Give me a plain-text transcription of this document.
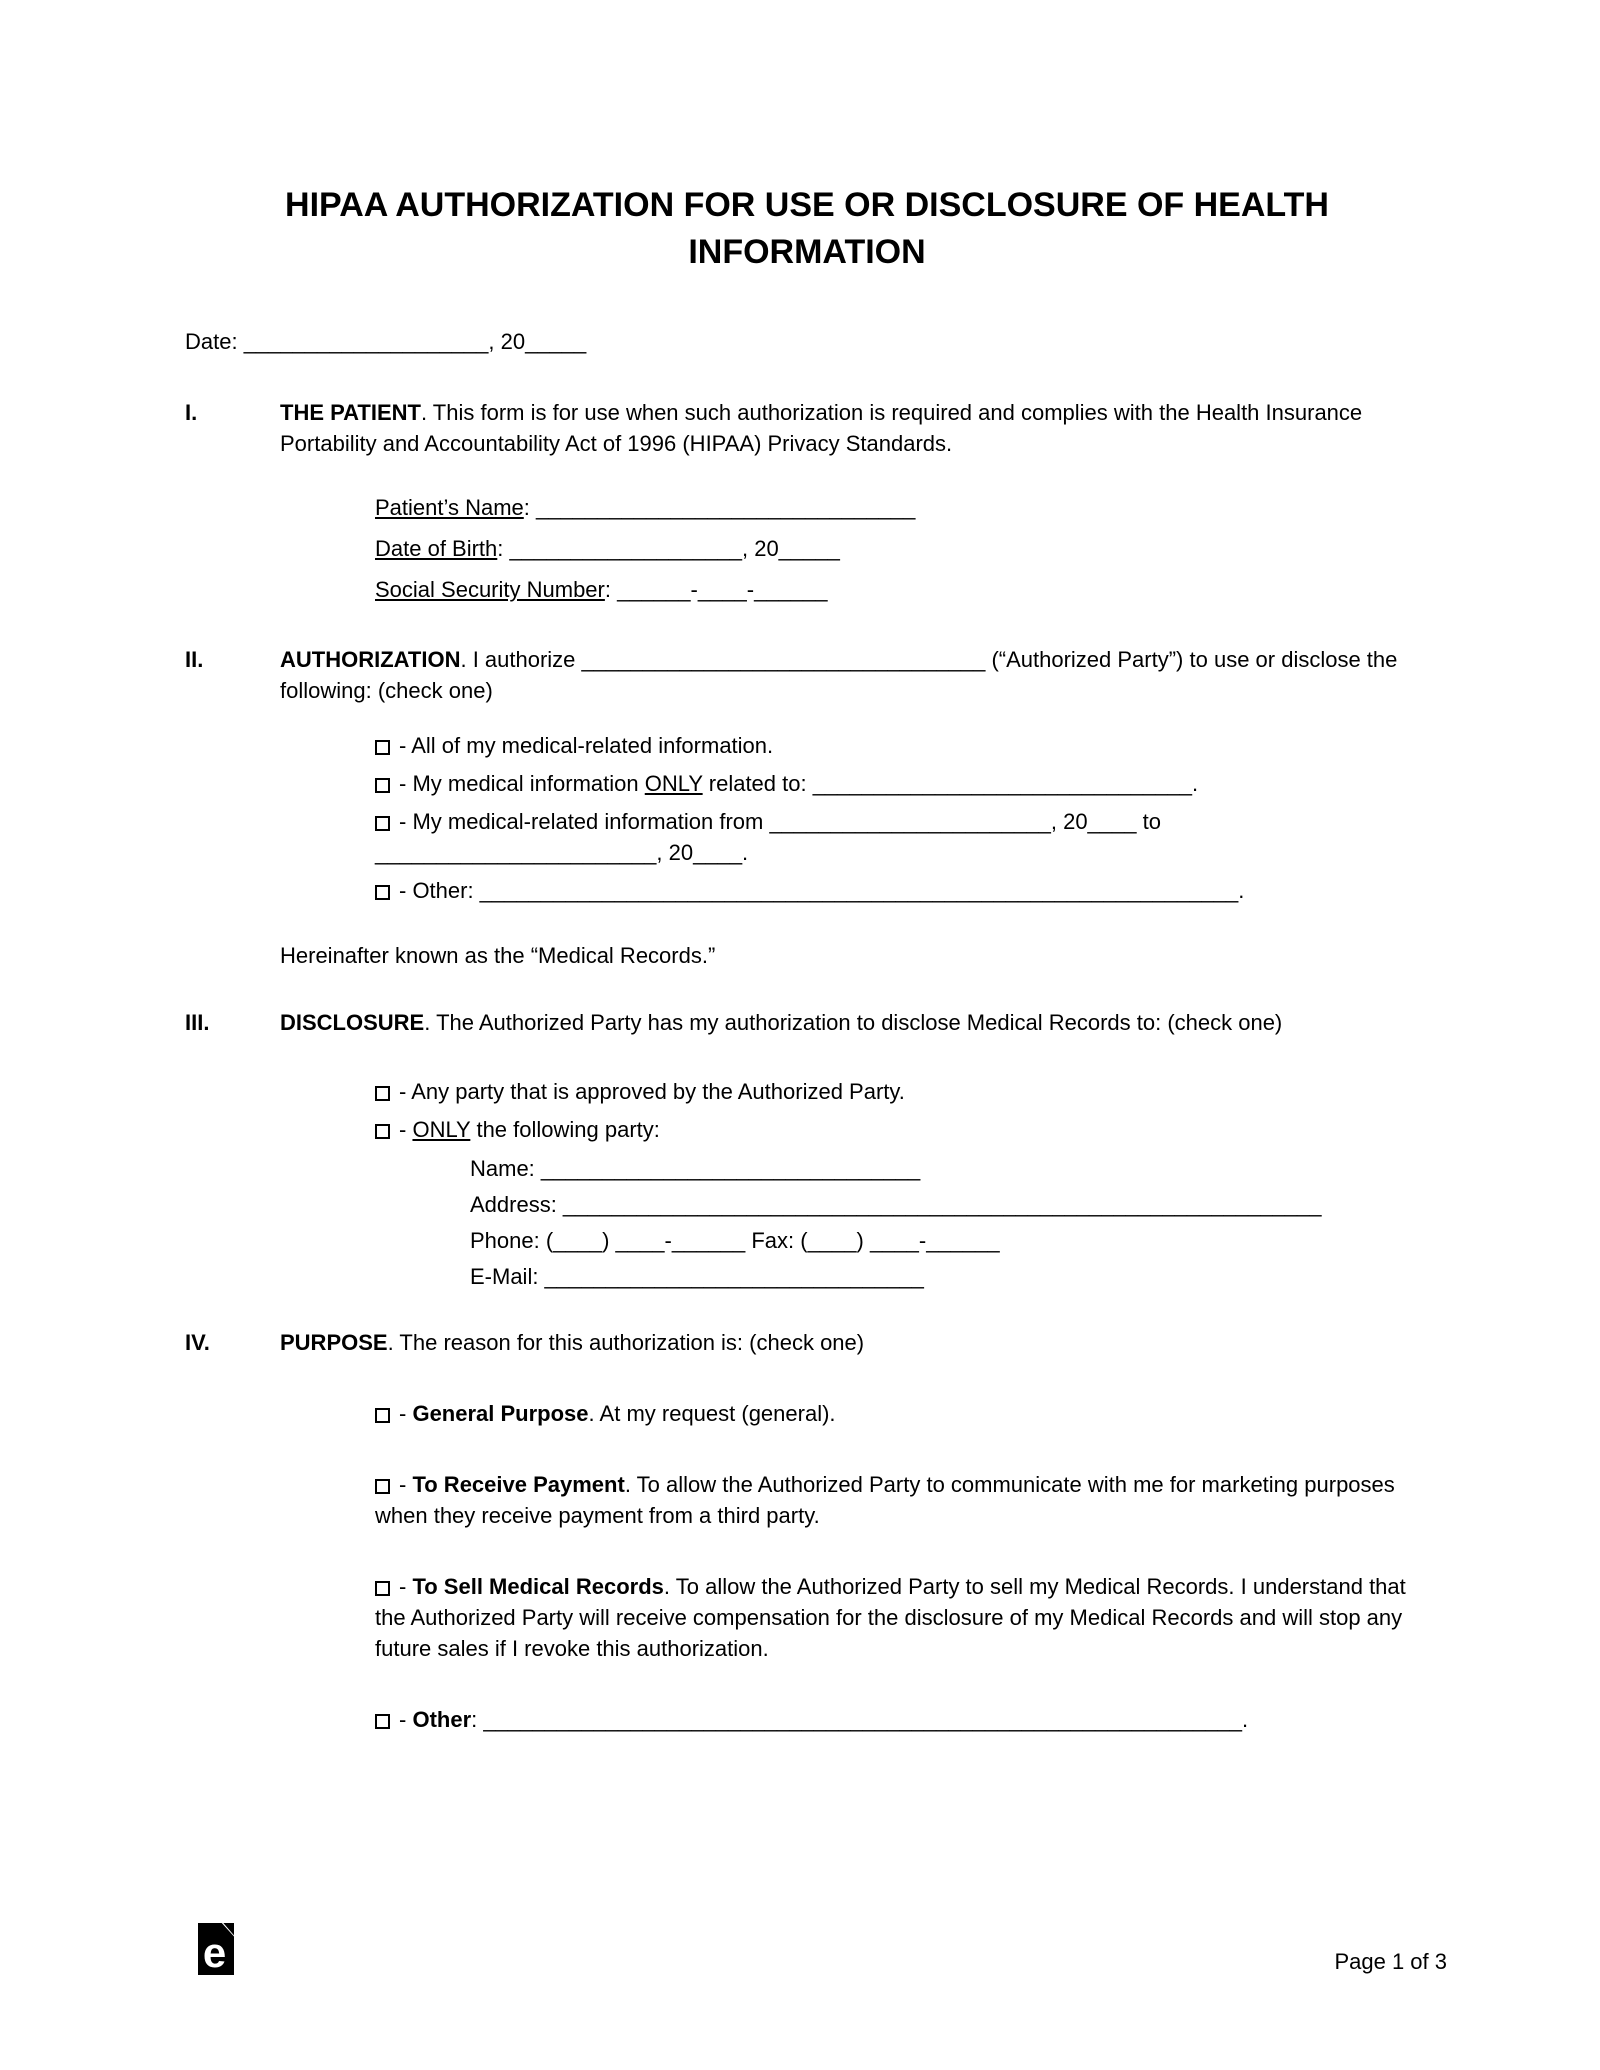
HIPAA AUTHORIZATION FOR USE OR DISCLOSURE OF HEALTH INFORMATION

Date: ____________________, 20_____

I.	THE PATIENT. This form is for use when such authorization is required and complies with the Health Insurance Portability and Accountability Act of 1996 (HIPAA) Privacy Standards.

Patient’s Name: _______________________________

Date of Birth: ___________________, 20_____

Social Security Number: ______-____-______

II.	AUTHORIZATION. I authorize _________________________________ (“Authorized Party”) to use or disclose the following: (check one)

- All of my medical-related information.

- My medical information ONLY related to: _______________________________.

- My medical-related information from _______________________, 20____ to _______________________, 20____.

- Other: ______________________________________________________________.

Hereinafter known as the “Medical Records.”

III.	DISCLOSURE. The Authorized Party has my authorization to disclose Medical Records to: (check one)

- Any party that is approved by the Authorized Party.

- ONLY the following party:

Name: _______________________________

Address: ______________________________________________________________

Phone: (____) ____-______ Fax: (____) ____-______

E-Mail: _______________________________

IV.	PURPOSE. The reason for this authorization is: (check one)

- General Purpose. At my request (general).

- To Receive Payment. To allow the Authorized Party to communicate with me for marketing purposes when they receive payment from a third party.

- To Sell Medical Records. To allow the Authorized Party to sell my Medical Records. I understand that the Authorized Party will receive compensation for the disclosure of my Medical Records and will stop any future sales if I revoke this authorization.

- Other: ______________________________________________________________.

e	Page 1 of 3
